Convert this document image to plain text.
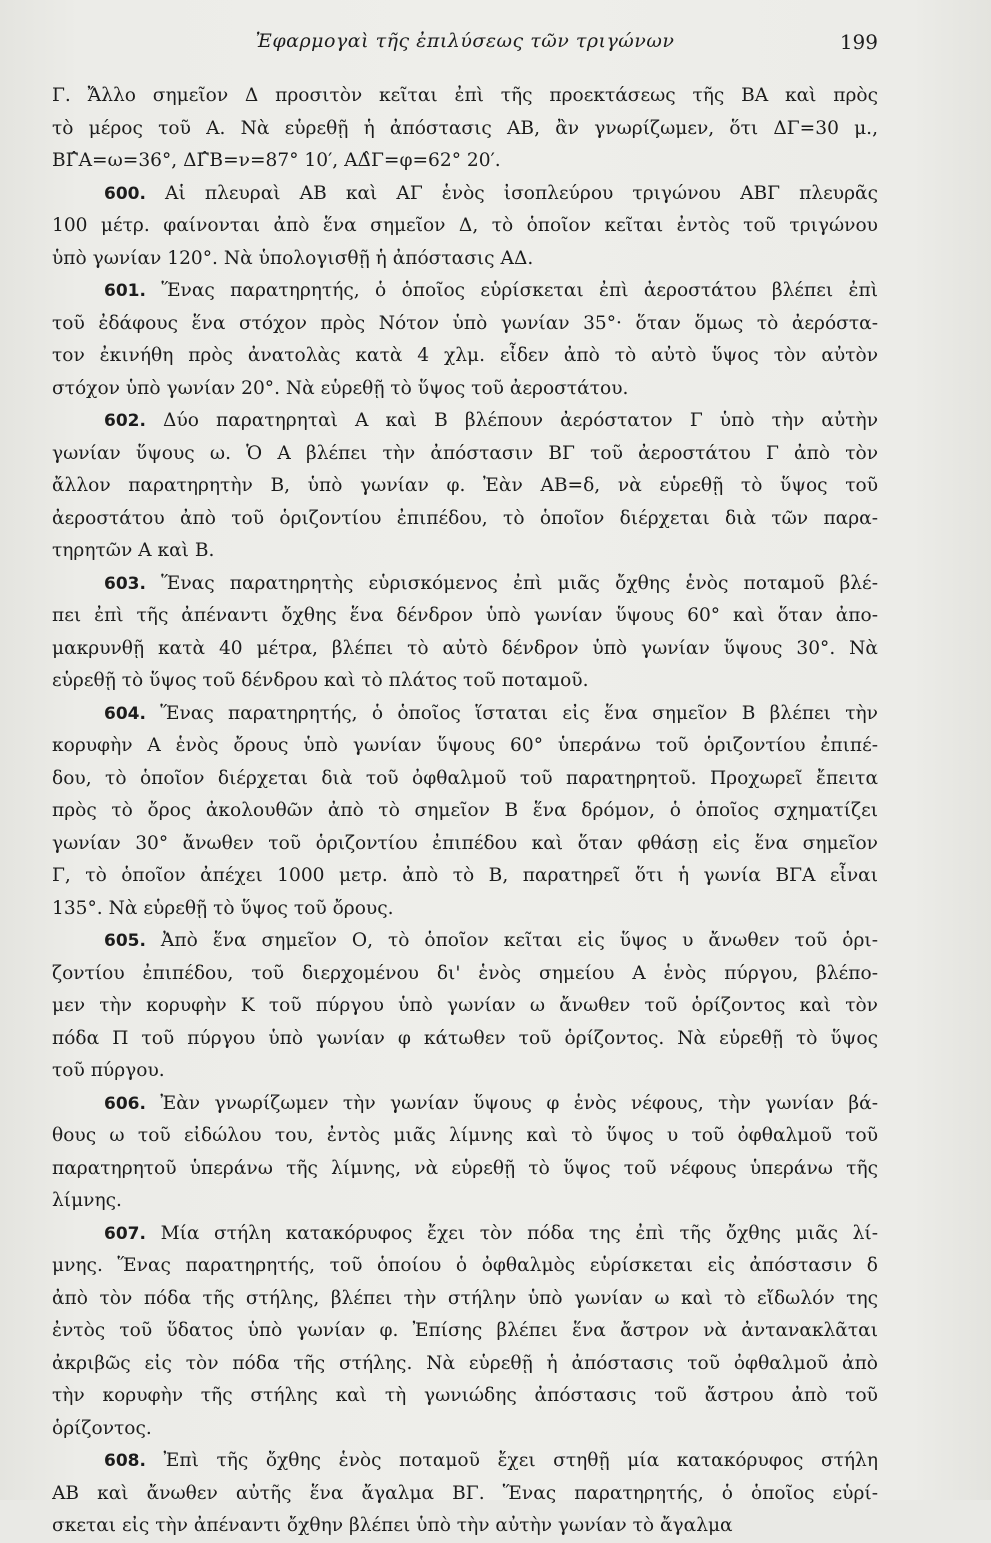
Ἐφαρμογαὶ τῆς ἐπιλύσεως τῶν τριγώνων	199
Γ. Ἄλλο σημεῖον Δ προσιτὸν κεῖται ἐπὶ τῆς προεκτάσεως τῆς ΒΑ καὶ πρὸς
τὸ μέρος τοῦ Α. Νὰ εὑρεθῇ ἡ ἀπόστασις ΑΒ, ἂν γνωρίζωμεν, ὅτι ΔΓ=30 μ.,
ΒΓ̂Α=ω=36°, ΔΓ̂Β=ν=87° 10′, ΑΔ̂Γ=φ=62° 20′.
600. Αἱ πλευραὶ ΑΒ καὶ ΑΓ ἑνὸς ἰσοπλεύρου τριγώνου ΑΒΓ πλευρᾶς
100 μέτρ. φαίνονται ἀπὸ ἕνα σημεῖον Δ, τὸ ὁποῖον κεῖται ἐντὸς τοῦ τριγώνου
ὑπὸ γωνίαν 120°. Νὰ ὑπολογισθῇ ἡ ἀπόστασις ΑΔ.
601. Ἕνας παρατηρητής, ὁ ὁποῖος εὑρίσκεται ἐπὶ ἀεροστάτου βλέπει ἐπὶ
τοῦ ἐδάφους ἕνα στόχον πρὸς Νότον ὑπὸ γωνίαν 35°· ὅταν ὅμως τὸ ἀερόστα-
τον ἐκινήθη πρὸς ἀνατολὰς κατὰ 4 χλμ. εἶδεν ἀπὸ τὸ αὐτὸ ὕψος τὸν αὐτὸν
στόχον ὑπὸ γωνίαν 20°. Νὰ εὑρεθῇ τὸ ὕψος τοῦ ἀεροστάτου.
602. Δύο παρατηρηταὶ Α καὶ Β βλέπουν ἀερόστατον Γ ὑπὸ τὴν αὐτὴν
γωνίαν ὕψους ω. Ὁ Α βλέπει τὴν ἀπόστασιν ΒΓ τοῦ ἀεροστάτου Γ ἀπὸ τὸν
ἄλλον παρατηρητὴν Β, ὑπὸ γωνίαν φ. Ἐὰν ΑΒ=δ, νὰ εὑρεθῇ τὸ ὕψος τοῦ
ἀεροστάτου ἀπὸ τοῦ ὁριζοντίου ἐπιπέδου, τὸ ὁποῖον διέρχεται διὰ τῶν παρα-
τηρητῶν Α καὶ Β.
603. Ἕνας παρατηρητὴς εὑρισκόμενος ἐπὶ μιᾶς ὄχθης ἑνὸς ποταμοῦ βλέ-
πει ἐπὶ τῆς ἀπέναντι ὄχθης ἕνα δένδρον ὑπὸ γωνίαν ὕψους 60° καὶ ὅταν ἀπο-
μακρυνθῇ κατὰ 40 μέτρα, βλέπει τὸ αὐτὸ δένδρον ὑπὸ γωνίαν ὕψους 30°. Νὰ
εὑρεθῇ τὸ ὕψος τοῦ δένδρου καὶ τὸ πλάτος τοῦ ποταμοῦ.
604. Ἕνας παρατηρητής, ὁ ὁποῖος ἵσταται εἰς ἕνα σημεῖον Β βλέπει τὴν
κορυφὴν Α ἑνὸς ὄρους ὑπὸ γωνίαν ὕψους 60° ὑπεράνω τοῦ ὁριζοντίου ἐπιπέ-
δου, τὸ ὁποῖον διέρχεται διὰ τοῦ ὀφθαλμοῦ τοῦ παρατηρητοῦ. Προχωρεῖ ἔπειτα
πρὸς τὸ ὄρος ἀκολουθῶν ἀπὸ τὸ σημεῖον Β ἕνα δρόμον, ὁ ὁποῖος σχηματίζει
γωνίαν 30° ἄνωθεν τοῦ ὁριζοντίου ἐπιπέδου καὶ ὅταν φθάσῃ εἰς ἕνα σημεῖον
Γ, τὸ ὁποῖον ἀπέχει 1000 μετρ. ἀπὸ τὸ Β, παρατηρεῖ ὅτι ἡ γωνία ΒΓΑ εἶναι
135°. Νὰ εὑρεθῇ τὸ ὕψος τοῦ ὄρους.
605. Ἀπὸ ἕνα σημεῖον Ο, τὸ ὁποῖον κεῖται εἰς ὕψος υ ἄνωθεν τοῦ ὁρι-
ζοντίου ἐπιπέδου, τοῦ διερχομένου δι' ἑνὸς σημείου Α ἑνὸς πύργου, βλέπο-
μεν τὴν κορυφὴν Κ τοῦ πύργου ὑπὸ γωνίαν ω ἄνωθεν τοῦ ὁρίζοντος καὶ τὸν
πόδα Π τοῦ πύργου ὑπὸ γωνίαν φ κάτωθεν τοῦ ὁρίζοντος. Νὰ εὑρεθῇ τὸ ὕψος
τοῦ πύργου.
606. Ἐὰν γνωρίζωμεν τὴν γωνίαν ὕψους φ ἑνὸς νέφους, τὴν γωνίαν βά-
θους ω τοῦ εἰδώλου του, ἐντὸς μιᾶς λίμνης καὶ τὸ ὕψος υ τοῦ ὀφθαλμοῦ τοῦ
παρατηρητοῦ ὑπεράνω τῆς λίμνης, νὰ εὑρεθῇ τὸ ὕψος τοῦ νέφους ὑπεράνω τῆς
λίμνης.
607. Μία στήλη κατακόρυφος ἔχει τὸν πόδα της ἐπὶ τῆς ὄχθης μιᾶς λί-
μνης. Ἕνας παρατηρητής, τοῦ ὁποίου ὁ ὀφθαλμὸς εὑρίσκεται εἰς ἀπόστασιν δ
ἀπὸ τὸν πόδα τῆς στήλης, βλέπει τὴν στήλην ὑπὸ γωνίαν ω καὶ τὸ εἴδωλόν της
ἐντὸς τοῦ ὕδατος ὑπὸ γωνίαν φ. Ἐπίσης βλέπει ἕνα ἄστρον νὰ ἀντανακλᾶται
ἀκριβῶς εἰς τὸν πόδα τῆς στήλης. Νὰ εὑρεθῇ ἡ ἀπόστασις τοῦ ὀφθαλμοῦ ἀπὸ
τὴν κορυφὴν τῆς στήλης καὶ τὴ γωνιώδης ἀπόστασις τοῦ ἄστρου ἀπὸ τοῦ
ὁρίζοντος.
608. Ἐπὶ τῆς ὄχθης ἑνὸς ποταμοῦ ἔχει στηθῇ μία κατακόρυφος στήλη
ΑΒ καὶ ἄνωθεν αὐτῆς ἕνα ἄγαλμα ΒΓ. Ἕνας παρατηρητής, ὁ ὁποῖος εὑρί-
σκεται εἰς τὴν ἀπέναντι ὄχθην βλέπει ὑπὸ τὴν αὐτὴν γωνίαν τὸ ἄγαλμα
